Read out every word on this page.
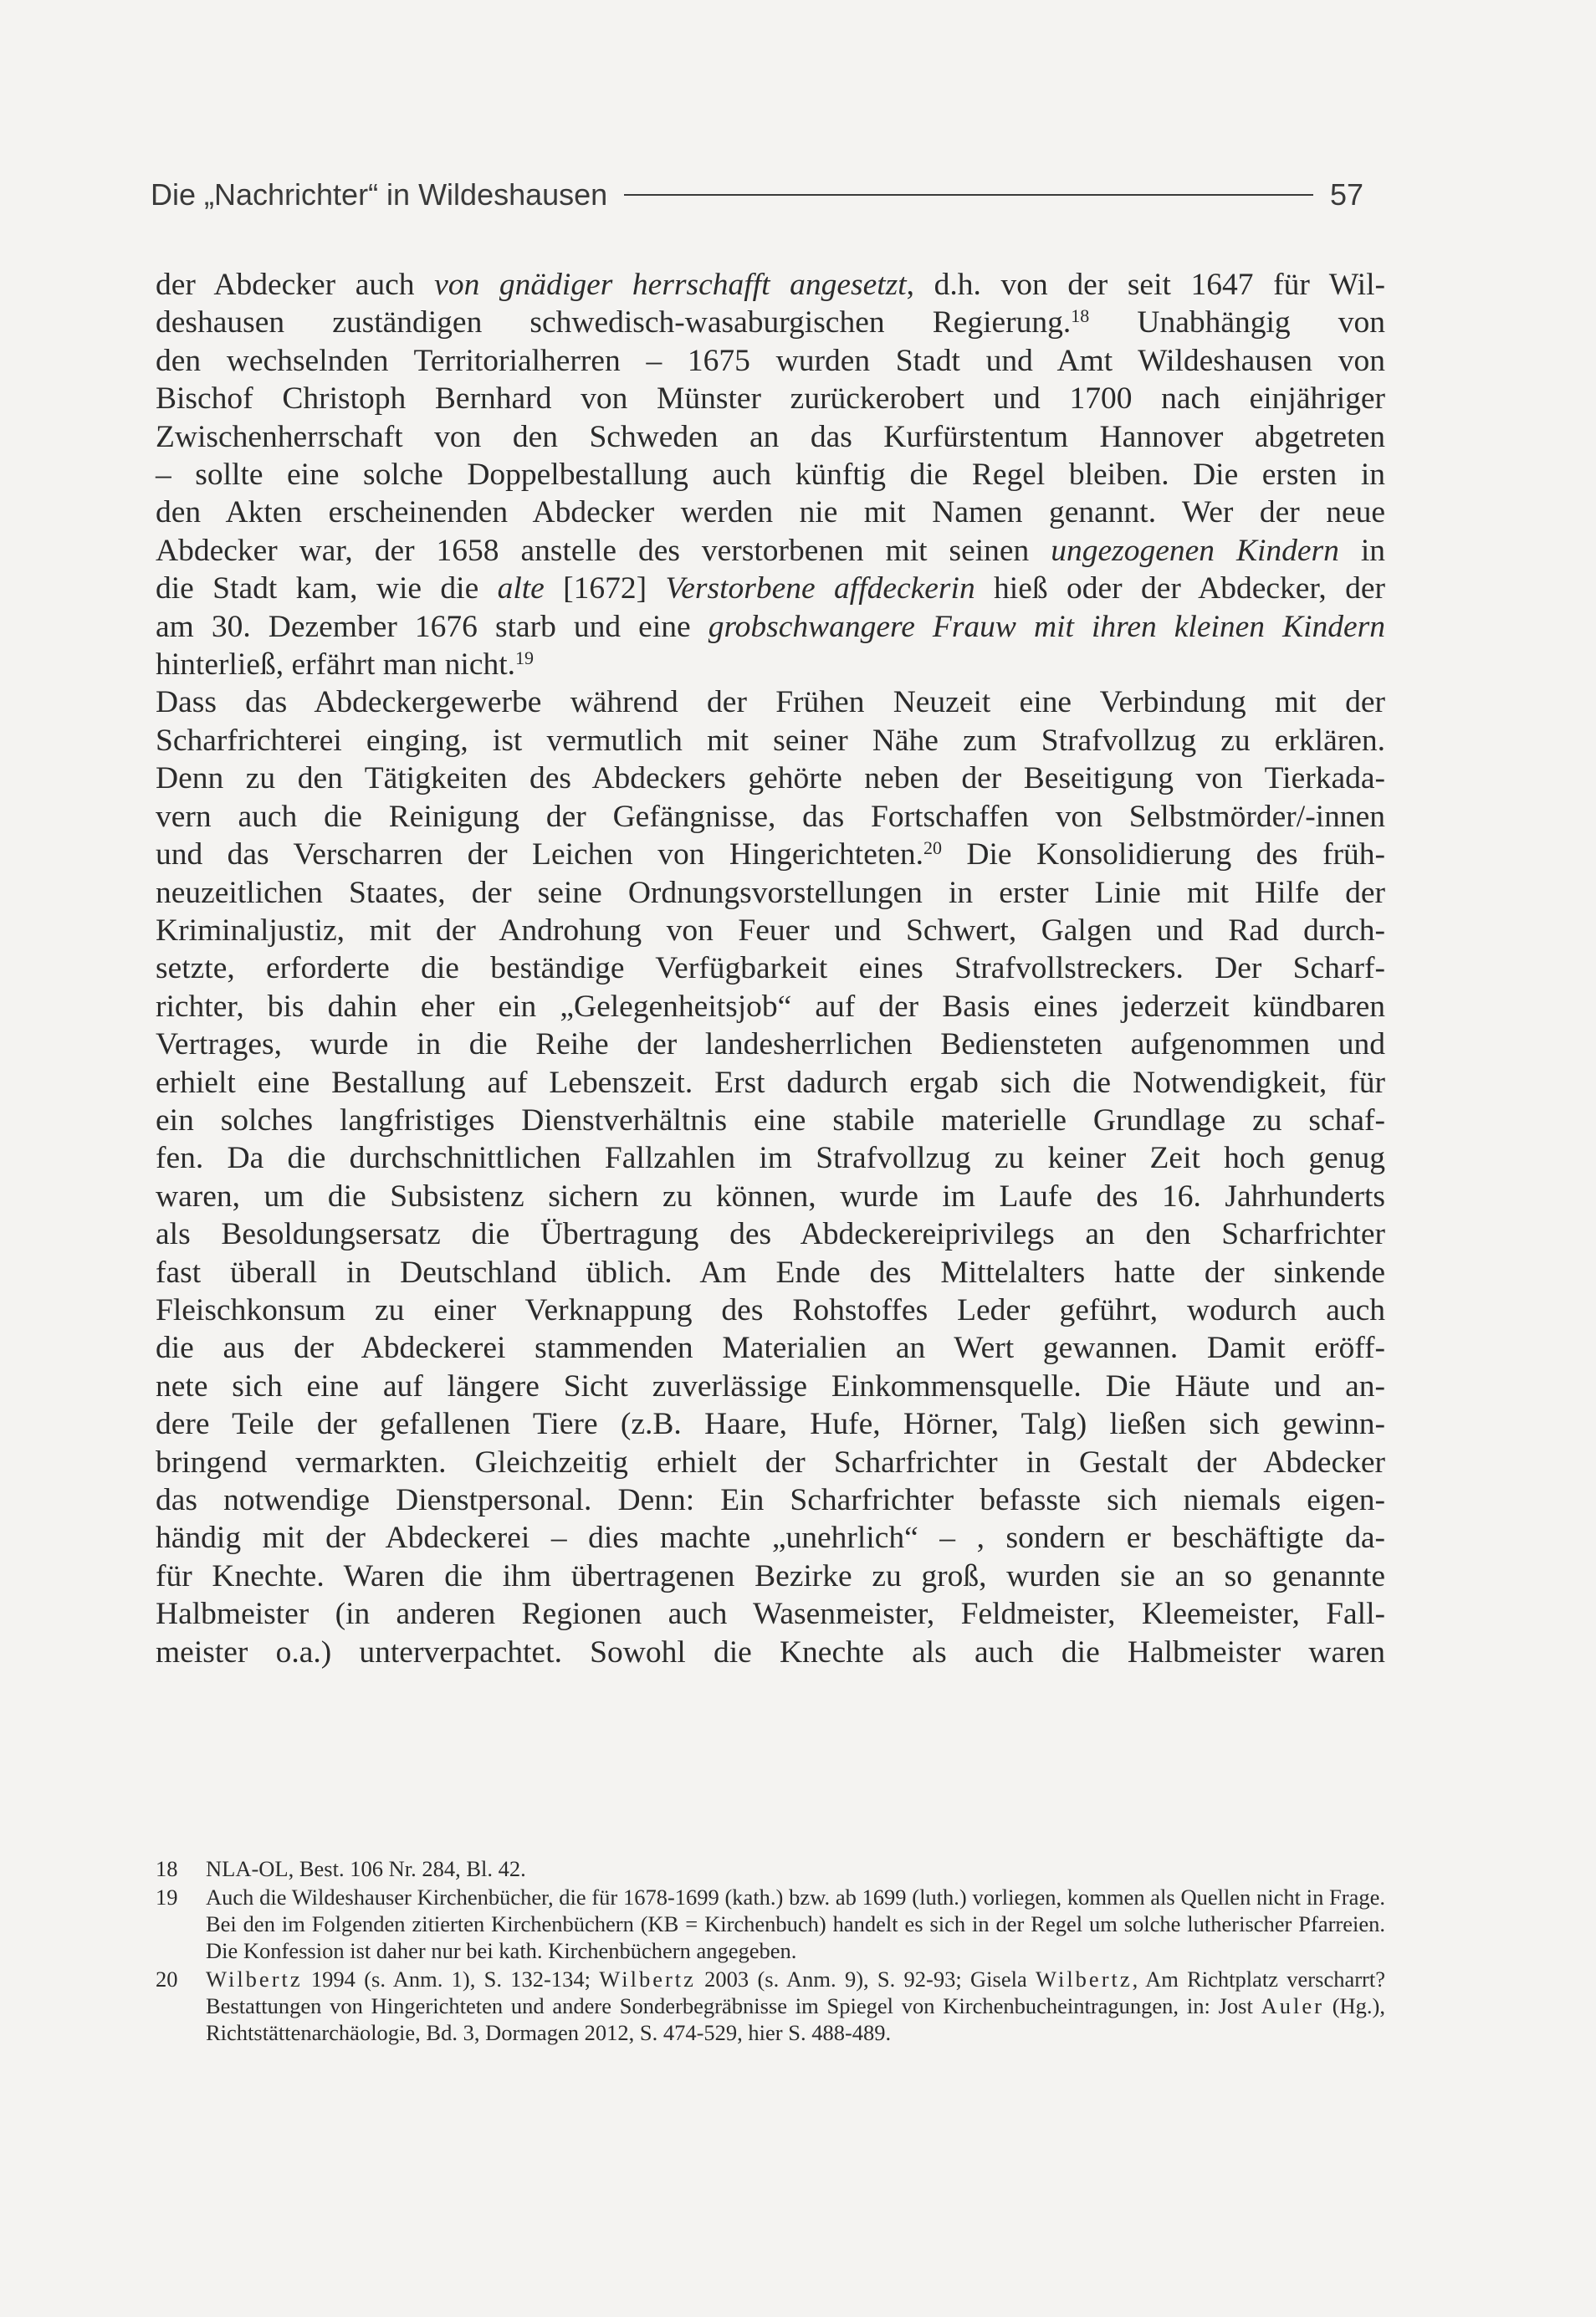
Die „Nachrichter“ in Wildeshausen	57
der Abdecker auch von gnädiger herrschafft angesetzt, d.h. von der seit 1647 für Wil-
deshausen zuständigen schwedisch-wasaburgischen Regierung.$^{18}$ Unabhängig von
den wechselnden Territorialherren – 1675 wurden Stadt und Amt Wildeshausen von
Bischof Christoph Bernhard von Münster zurückerobert und 1700 nach einjähriger
Zwischenherrschaft von den Schweden an das Kurfürstentum Hannover abgetreten
– sollte eine solche Doppelbestallung auch künftig die Regel bleiben. Die ersten in
den Akten erscheinenden Abdecker werden nie mit Namen genannt. Wer der neue
Abdecker war, der 1658 anstelle des verstorbenen mit seinen ungezogenen Kindern in
die Stadt kam, wie die alte [1672] Verstorbene affdeckerin hieß oder der Abdecker, der
am 30. Dezember 1676 starb und eine grobschwangere Frauw mit ihren kleinen Kindern
hinterließ, erfährt man nicht.$^{19}$
Dass das Abdeckergewerbe während der Frühen Neuzeit eine Verbindung mit der
Scharfrichterei einging, ist vermutlich mit seiner Nähe zum Strafvollzug zu erklären.
Denn zu den Tätigkeiten des Abdeckers gehörte neben der Beseitigung von Tierkada-
vern auch die Reinigung der Gefängnisse, das Fortschaffen von Selbstmörder/-innen
und das Verscharren der Leichen von Hingerichteten.$^{20}$ Die Konsolidierung des früh-
neuzeitlichen Staates, der seine Ordnungsvorstellungen in erster Linie mit Hilfe der
Kriminaljustiz, mit der Androhung von Feuer und Schwert, Galgen und Rad durch-
setzte, erforderte die beständige Verfügbarkeit eines Strafvollstreckers. Der Scharf-
richter, bis dahin eher ein „Gelegenheitsjob“ auf der Basis eines jederzeit kündbaren
Vertrages, wurde in die Reihe der landesherrlichen Bediensteten aufgenommen und
erhielt eine Bestallung auf Lebenszeit. Erst dadurch ergab sich die Notwendigkeit, für
ein solches langfristiges Dienstverhältnis eine stabile materielle Grundlage zu schaf-
fen. Da die durchschnittlichen Fallzahlen im Strafvollzug zu keiner Zeit hoch genug
waren, um die Subsistenz sichern zu können, wurde im Laufe des 16. Jahrhunderts
als Besoldungsersatz die Übertragung des Abdeckereiprivilegs an den Scharfrichter
fast überall in Deutschland üblich. Am Ende des Mittelalters hatte der sinkende
Fleischkonsum zu einer Verknappung des Rohstoffes Leder geführt, wodurch auch
die aus der Abdeckerei stammenden Materialien an Wert gewannen. Damit eröff-
nete sich eine auf längere Sicht zuverlässige Einkommensquelle. Die Häute und an-
dere Teile der gefallenen Tiere (z.B. Haare, Hufe, Hörner, Talg) ließen sich gewinn-
bringend vermarkten. Gleichzeitig erhielt der Scharfrichter in Gestalt der Abdecker
das notwendige Dienstpersonal. Denn: Ein Scharfrichter befasste sich niemals eigen-
händig mit der Abdeckerei – dies machte „unehrlich“ – , sondern er beschäftigte da-
für Knechte. Waren die ihm übertragenen Bezirke zu groß, wurden sie an so genannte
Halbmeister (in anderen Regionen auch Wasenmeister, Feldmeister, Kleemeister, Fall-
meister o.a.) unterverpachtet. Sowohl die Knechte als auch die Halbmeister waren
18	NLA-OL, Best. 106 Nr. 284, Bl. 42.
19	Auch die Wildeshauser Kirchenbücher, die für 1678-1699 (kath.) bzw. ab 1699 (luth.) vorliegen, kommen als Quellen nicht in Frage. Bei den im Folgenden zitierten Kirchenbüchern (KB = Kirchenbuch) handelt es sich in der Regel um solche lutherischer Pfarreien. Die Konfession ist daher nur bei kath. Kirchenbüchern angegeben.
20	Wilbertz 1994 (s. Anm. 1), S. 132-134; Wilbertz 2003 (s. Anm. 9), S. 92-93; Gisela Wilbertz, Am Richtplatz verscharrt? Bestattungen von Hingerichteten und andere Sonderbegräbnisse im Spiegel von Kirchenbucheintragungen, in: Jost Auler (Hg.), Richtstättenarchäologie, Bd. 3, Dormagen 2012, S. 474-529, hier S. 488-489.
